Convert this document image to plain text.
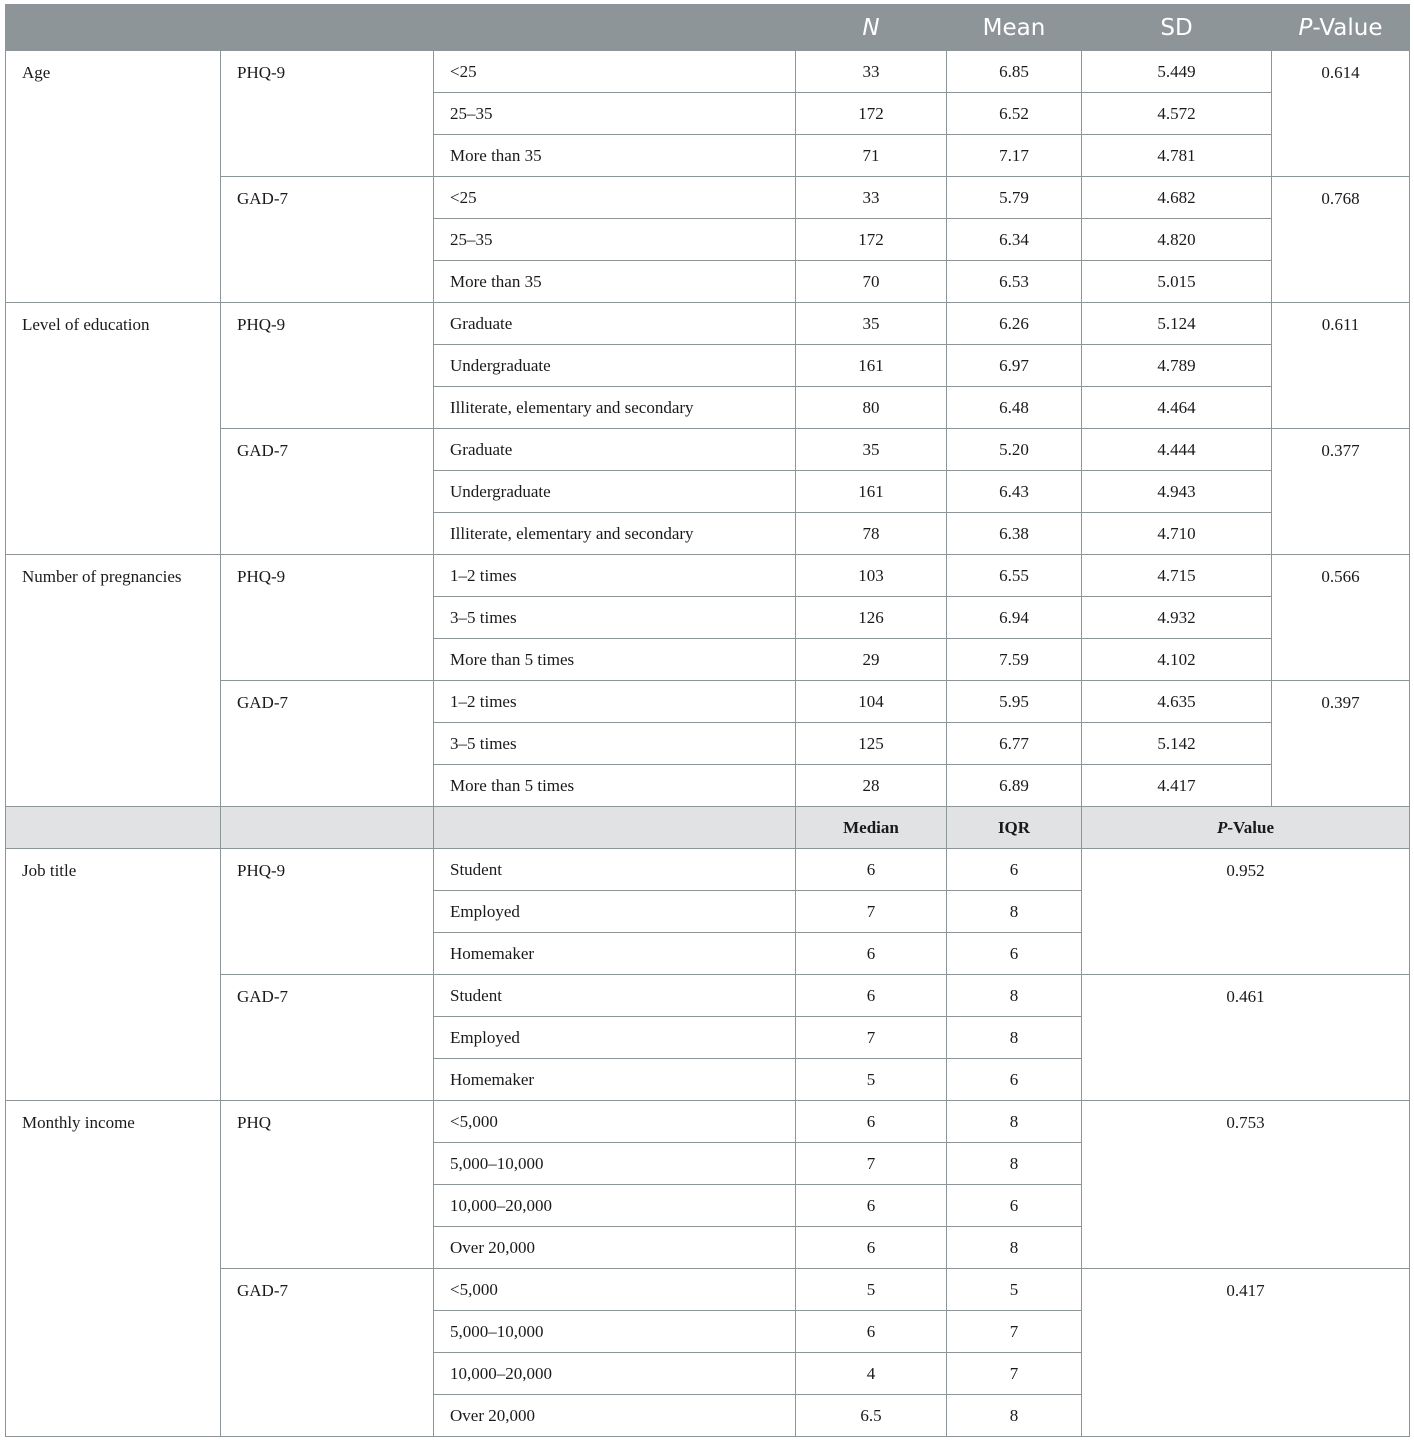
			N	Mean	SD	P-Value
Age	PHQ-9	<25	33	6.85	5.449	0.614
		25–35	172	6.52	4.572	
		More than 35	71	7.17	4.781	
	GAD-7	<25	33	5.79	4.682	0.768
		25–35	172	6.34	4.820	
		More than 35	70	6.53	5.015	
Level of education	PHQ-9	Graduate	35	6.26	5.124	0.611
		Undergraduate	161	6.97	4.789	
		Illiterate, elementary and secondary	80	6.48	4.464	
	GAD-7	Graduate	35	5.20	4.444	0.377
		Undergraduate	161	6.43	4.943	
		Illiterate, elementary and secondary	78	6.38	4.710	
Number of pregnancies	PHQ-9	1–2 times	103	6.55	4.715	0.566
		3–5 times	126	6.94	4.932	
		More than 5 times	29	7.59	4.102	
	GAD-7	1–2 times	104	5.95	4.635	0.397
		3–5 times	125	6.77	5.142	
		More than 5 times	28	6.89	4.417	
			Median	IQR	P-Value	
Job title	PHQ-9	Student	6	6	0.952	
		Employed	7	8		
		Homemaker	6	6		
	GAD-7	Student	6	8	0.461	
		Employed	7	8		
		Homemaker	5	6		
Monthly income	PHQ	<5,000	6	8	0.753	
		5,000–10,000	7	8		
		10,000–20,000	6	6		
		Over 20,000	6	8		
	GAD-7	<5,000	5	5	0.417	
		5,000–10,000	6	7		
		10,000–20,000	4	7		
		Over 20,000	6.5	8		
